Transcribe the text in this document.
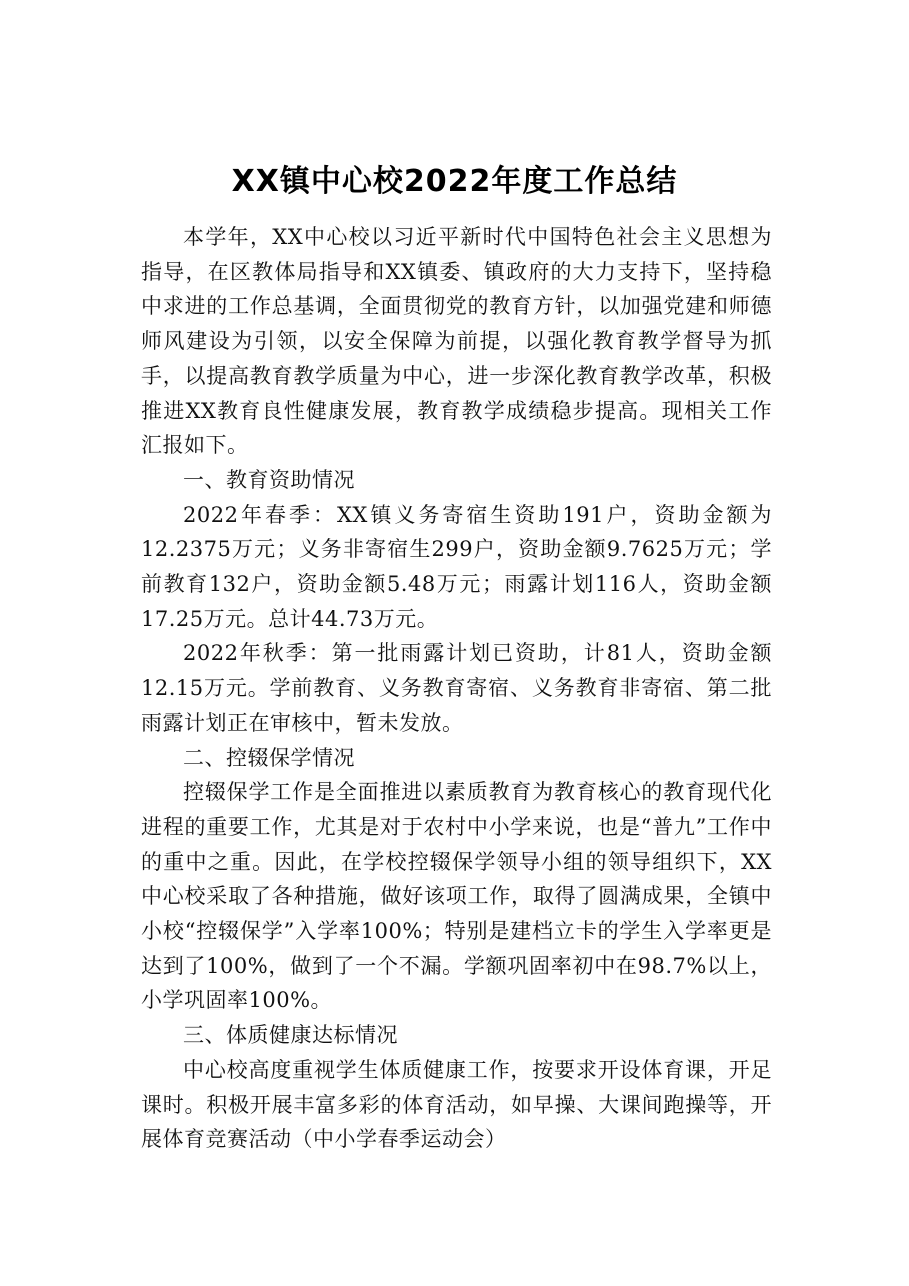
XX镇中心校2022年度工作总结

本学年，XX中心校以习近平新时代中国特色社会主义思想为指导，在区教体局指导和XX镇委、镇政府的大力支持下，坚持稳中求进的工作总基调，全面贯彻党的教育方针，以加强党建和师德师风建设为引领，以安全保障为前提，以强化教育教学督导为抓手，以提高教育教学质量为中心，进一步深化教育教学改革，积极推进XX教育良性健康发展，教育教学成绩稳步提高。现相关工作汇报如下。

一、教育资助情况

2022年春季：XX镇义务寄宿生资助191户，资助金额为12.2375万元；义务非寄宿生299户，资助金额9.7625万元；学前教育132户，资助金额5.48万元；雨露计划116人，资助金额17.25万元。总计44.73万元。

2022年秋季：第一批雨露计划已资助，计81人，资助金额12.15万元。学前教育、义务教育寄宿、义务教育非寄宿、第二批雨露计划正在审核中，暂未发放。

二、控辍保学情况

控辍保学工作是全面推进以素质教育为教育核心的教育现代化进程的重要工作，尤其是对于农村中小学来说，也是“普九”工作中的重中之重。因此，在学校控辍保学领导小组的领导组织下，XX中心校采取了各种措施，做好该项工作，取得了圆满成果，全镇中小校“控辍保学”入学率100%；特别是建档立卡的学生入学率更是达到了100%，做到了一个不漏。学额巩固率初中在98.7%以上，小学巩固率100%。

三、体质健康达标情况

中心校高度重视学生体质健康工作，按要求开设体育课，开足课时。积极开展丰富多彩的体育活动，如早操、大课间跑操等，开展体育竞赛活动（中小学春季运动会）
